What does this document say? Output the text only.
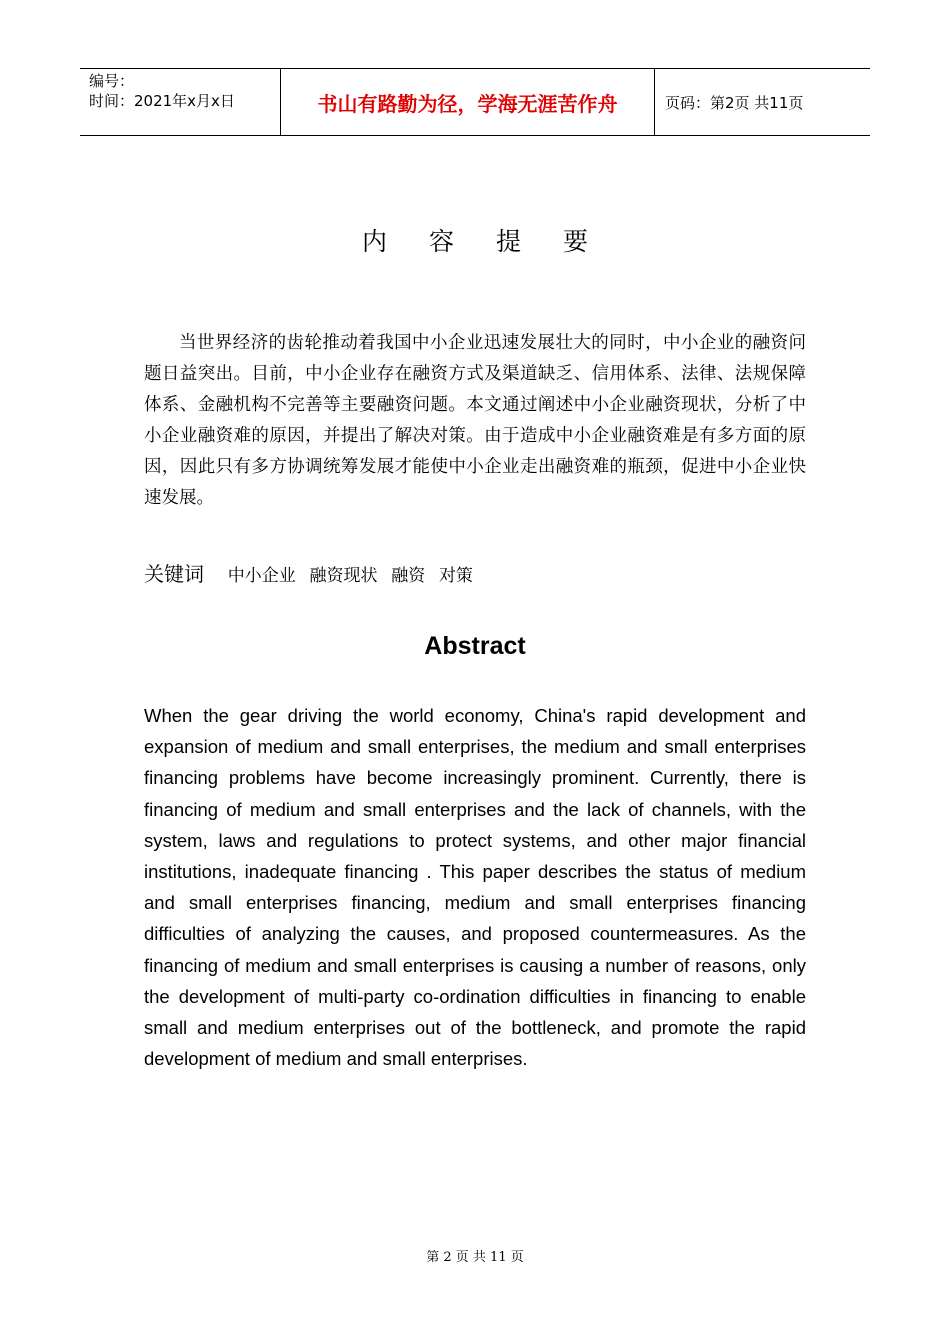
编号：
时间：2021年x月x日	书山有路勤为径，学海无涯苦作舟	页码：第2页 共11页
内容提要

当世界经济的齿轮推动着我国中小企业迅速发展壮大的同时，中小企业的融资问题日益突出。目前，中小企业存在融资方式及渠道缺乏、信用体系、法律、法规保障体系、金融机构不完善等主要融资问题。本文通过阐述中小企业融资现状，分析了中小企业融资难的原因，并提出了解决对策。由于造成中小企业融资难是有多方面的原因，因此只有多方协调统筹发展才能使中小企业走出融资难的瓶颈，促进中小企业快速发展。

关键词 中小企业 融资现状 融资 对策
Abstract

When the gear driving the world economy, China's rapid development and expansion of medium and small enterprises, the medium and small enterprises financing problems have become increasingly prominent. Currently, there is financing of medium and small enterprises and the lack of channels, with the system, laws and regulations to protect systems, and other major financial institutions, inadequate financing . This paper describes the status of medium and small enterprises financing, medium and small enterprises financing difficulties of analyzing the causes, and proposed countermeasures. As the financing of medium and small enterprises is causing a number of reasons, only the development of multi-party co-ordination difficulties in financing to enable small and medium enterprises out of the bottleneck, and promote the rapid development of medium and small enterprises.

第 2 页 共 11 页
